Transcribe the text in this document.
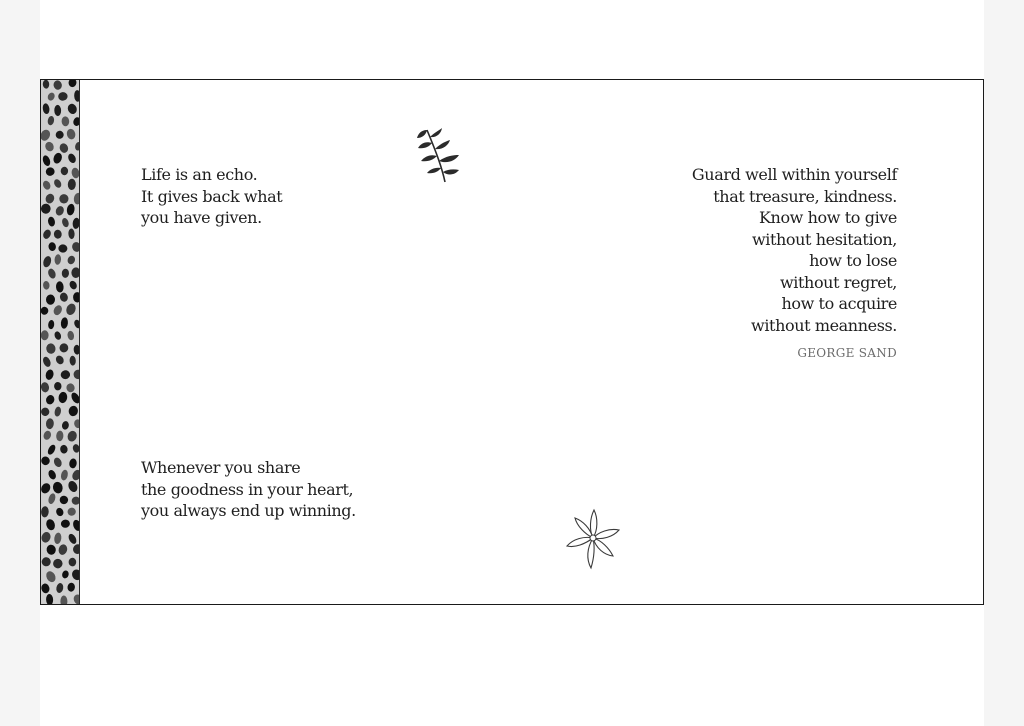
Life is an echo.
It gives back what
you have given.
Guard well within yourself
that treasure, kindness.
Know how to give
without hesitation,
how to lose
without regret,
how to acquire
without meanness.
GEORGE SAND
Whenever you share
the goodness in your heart,
you always end up winning.
